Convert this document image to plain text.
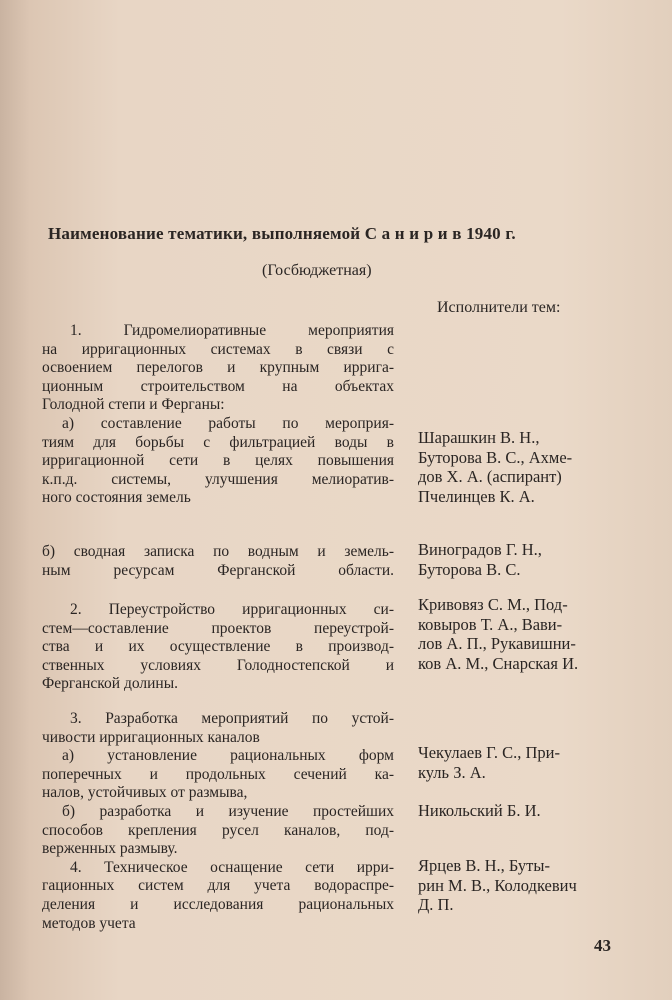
Наименование тематики, выполняемой С а н и р и в 1940 г.
(Госбюджетная)
Исполнители тем:
1. Гидромелиоративные мероприятия
на ирригационных системах в связи с
освоением перелогов и крупным ирригa-
ционным строительством на объектах
Голодной степи и Ферганы:
а) составление работы по мероприя-
тиям для борьбы с фильтрацией воды в
ирригационной сети в целях повышения
к.п.д. системы, улучшения мелиоратив-
ного состояния земель
б) сводная записка по водным и земель-
ным ресурсам Ферганской области.
2. Переустройство ирригационных си-
стем—составление проектов переустрой-
ства и их осуществление в производ-
ственных условиях Голодностепской и
Ферганской долины.
3. Разработка мероприятий по устой-
чивости ирригационных каналов
а) установление рациональных форм
поперечных и продольных сечений ка-
налов, устойчивых от размыва,
б) разработка и изучение простейших
способов крепления русел каналов, под-
верженных размыву.
4. Техническое оснащение сети ирри-
гационных систем для учета водораспре-
деления и исследования рациональных
методов учета
Шарашкин В. Н.,
Буторова В. С., Ахме-
дов Х. А. (аспирант)
Пчелинцев К. А.
Виноградов Г. Н.,
Буторова В. С.
Кривовяз С. М., Под-
ковыров Т. А., Вави-
лов А. П., Рукавишни-
ков А. М., Снарская И.
Чекулаев Г. С., При-
куль З. А.
Никольский Б. И.
Ярцев В. Н., Буты-
рин М. В., Колодкевич
Д. П.
43
